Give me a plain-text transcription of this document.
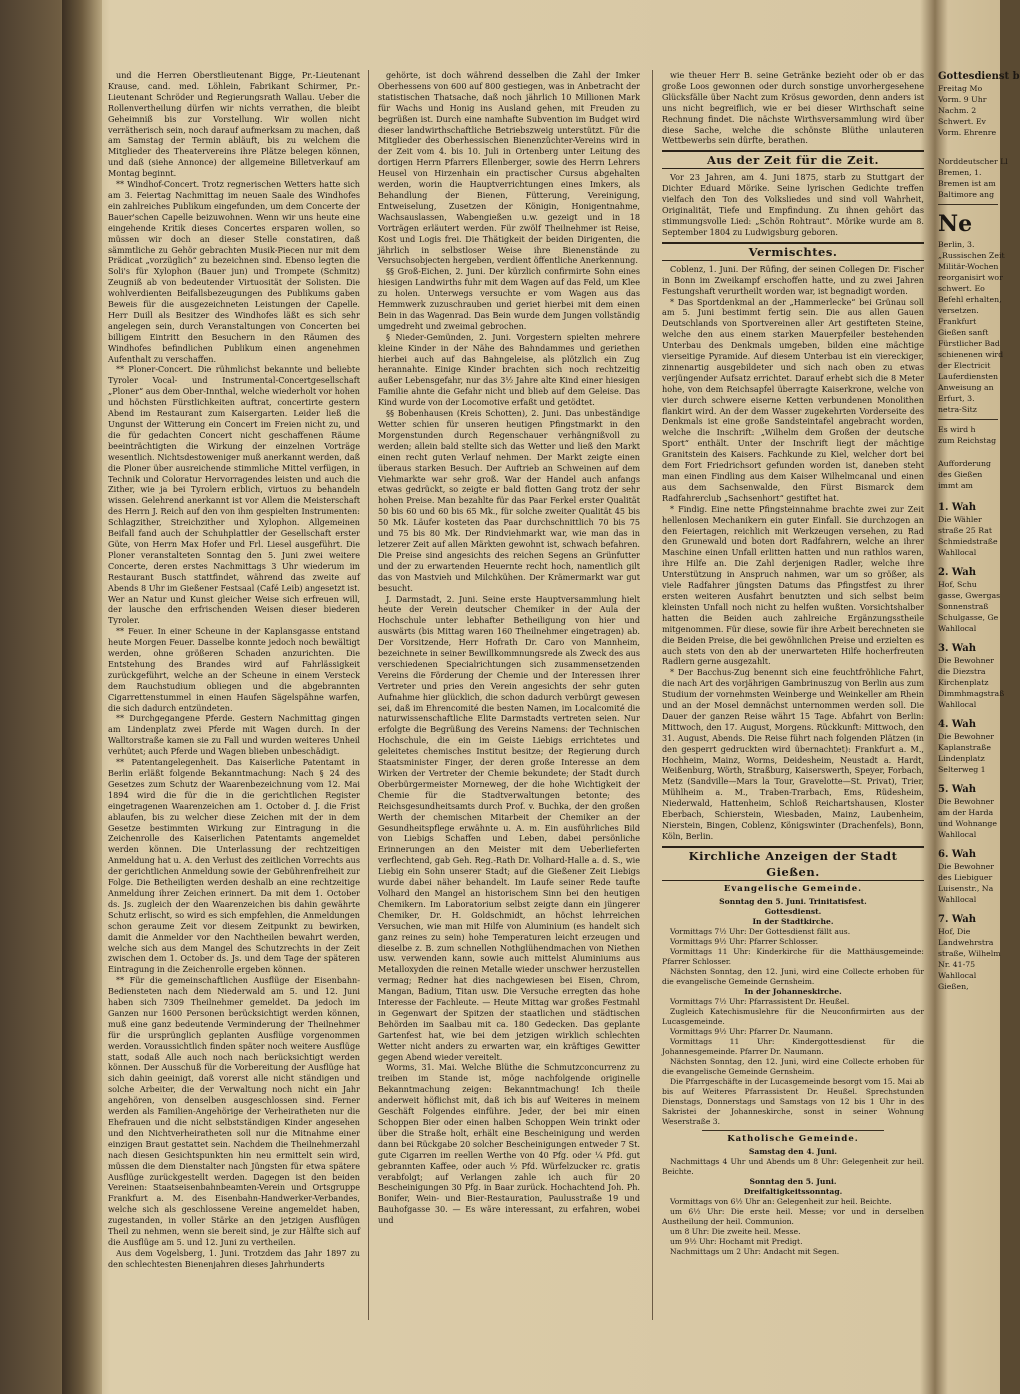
und die Herren Oberstlieutenant Bigge, Pr.-Lieutenant Krause, cand. med. Löhlein, Fabrikant Schirmer, Pr.-Lieutenant Schröder und Regierungsrath Wallau. Ueber die Rollenvertheilung dürfen wir nichts verrathen, die bleibt Geheimniß bis zur Vorstellung. Wir wollen nicht verrätherisch sein, noch darauf aufmerksam zu machen, daß am Samstag der Termin abläuft, bis zu welchem die Mitglieder des Theatervereins ihre Plätze belegen können, und daß (siehe Annonce) der allgemeine Billetverkauf am Montag beginnt.

** Windhof-Concert. Trotz regnerischen Wetters hatte sich am 3. Feiertag Nachmittag im neuen Saale des Windhofes ein zahlreiches Publikum eingefunden, um dem Concerte der Bauer'schen Capelle beizuwohnen. Wenn wir uns heute eine eingehende Kritik dieses Concertes ersparen wollen, so müssen wir doch an dieser Stelle constatiren, daß sämmtliche zu Gehör gebrachten Musik-Piecen nur mit dem Prädicat „vorzüglich“ zu bezeichnen sind. Ebenso legten die Soli's für Xylophon (Bauer jun) und Trompete (Schmitz) Zeugniß ab von bedeutender Virtuosität der Solisten. Die wohlverdienten Beifallsbezeugungen des Publikums gaben Beweis für die ausgezeichneten Leistungen der Capelle. Herr Duill als Besitzer des Windhofes läßt es sich sehr angelegen sein, durch Veranstaltungen von Concerten bei billigem Eintritt den Besuchern in den Räumen des Windhofes befindlichen Publikum einen angenehmen Aufenthalt zu verschaffen.

** Ploner-Concert. Die rühmlichst bekannte und beliebte Tyroler Vocal- und Instrumental-Concertgesellschaft „Ploner“ aus dem Ober-Innthal, welche wiederholt vor hohen und höchsten Fürstlichkeiten auftrat, concertirte gestern Abend im Restaurant zum Kaisergarten. Leider ließ die Ungunst der Witterung ein Concert im Freien nicht zu, und die für gedachten Concert nicht geschaffenen Räume beeinträchtigten die Wirkung der einzelnen Vorträge wesentlich. Nichtsdestoweniger muß anerkannt werden, daß die Ploner über ausreichende stimmliche Mittel verfügen, in Technik und Coloratur Hervorragendes leisten und auch die Zither, wie ja bei Tyrolern erblich, virtuos zu behandeln wissen. Gelehrend anerkannt ist vor Allem die Meisterschaft des Herrn J. Reich auf den von ihm gespielten Instrumenten: Schlagzither, Streichzither und Xylophon. Allgemeinen Beifall fand auch der Schuhplattler der Gesellschaft erster Güte, von Herrn Max Hofer und Frl. Liesel ausgeführt. Die Ploner veranstalteten Sonntag den 5. Juni zwei weitere Concerte, deren erstes Nachmittags 3 Uhr wiederum im Restaurant Busch stattfindet, während das zweite auf Abends 8 Uhr im Gießener Festsaal (Café Leib) angesetzt ist. Wer an Natur und Kunst gleicher Weise sich erfreuen will, der lausche den erfrischenden Weisen dieser biederen Tyroler.

** Feuer. In einer Scheune in der Kaplansgasse entstand heute Morgen Feuer. Dasselbe konnte jedoch noch bewältigt werden, ohne größeren Schaden anzurichten. Die Entstehung des Brandes wird auf Fahrlässigkeit zurückgeführt, welche an der Scheune in einem Versteck dem Rauchstudium obliegen und die abgebrannten Cigarrettenstummel in einen Haufen Sägelspähne warfen, die sich dadurch entzündeten.

** Durchgegangene Pferde. Gestern Nachmittag gingen am Lindenplatz zwei Pferde mit Wagen durch. In der Walltorstraße kamen sie zu Fall und wurden weiteres Unheil verhütet; auch Pferde und Wagen blieben unbeschädigt.

** Patentangelegenheit. Das Kaiserliche Patentamt in Berlin erläßt folgende Bekanntmachung: Nach § 24 des Gesetzes zum Schutz der Waarenbezeichnung vom 12. Mai 1894 wird die für die in die gerichtlichen Register eingetragenen Waarenzeichen am 1. October d. J. die Frist ablaufen, bis zu welcher diese Zeichen mit der in dem Gesetze bestimmten Wirkung zur Eintragung in die Zeichenrolle des Kaiserlichen Patentamts angemeldet werden können. Die Unterlassung der rechtzeitigen Anmeldung hat u. A. den Verlust des zeitlichen Vorrechts aus der gerichtlichen Anmeldung sowie der Gebührenfreiheit zur Folge. Die Betheiligten werden deshalb an eine rechtzeitige Anmeldung ihrer Zeichen erinnert. Da mit dem 1. October ds. Js. zugleich der den Waarenzeichen bis dahin gewährte Schutz erlischt, so wird es sich empfehlen, die Anmeldungen schon geraume Zeit vor diesem Zeitpunkt zu bewirken, damit die Anmelder vor den Nachtheilen bewahrt werden, welche sich aus dem Mangel des Schutzrechts in der Zeit zwischen dem 1. October ds. Js. und dem Tage der späteren Eintragung in die Zeichenrolle ergeben können.

** Für die gemeinschaftlichen Ausflüge der Eisenbahn-Bediensteten nach dem Niederwald am 5. und 12. Juni haben sich 7309 Theilnehmer gemeldet. Da jedoch im Ganzen nur 1600 Personen berücksichtigt werden können, muß eine ganz bedeutende Verminderung der Theilnehmer für die ursprünglich geplanten Ausflüge vorgenommen werden. Voraussichtlich finden später noch weitere Ausflüge statt, sodaß Alle auch noch nach berücksichtigt werden können. Der Ausschuß für die Vorbereitung der Ausflüge hat sich dahin geeinigt, daß vorerst alle nicht ständigen und solche Arbeiter, die der Verwaltung noch nicht ein Jahr angehören, von denselben ausgeschlossen sind. Ferner werden als Familien-Angehörige der Verheiratheten nur die Ehefrauen und die nicht selbstständigen Kinder angesehen und den Nichtverheiratheten soll nur die Mitnahme einer einzigen Braut gestattet sein. Nachdem die Theilnehmerzahl nach diesen Gesichtspunkten hin neu ermittelt sein wird, müssen die dem Dienstalter nach Jüngsten für etwa spätere Ausflüge zurückgestellt werden. Dagegen ist den beiden Vereinen: Staatseisenbahnbeamten-Verein und Ortsgruppe Frankfurt a. M. des Eisenbahn-Handwerker-Verbandes, welche sich als geschlossene Vereine angemeldet haben, zugestanden, in voller Stärke an den jetzigen Ausflügen Theil zu nehmen, wenn sie bereit sind, je zur Hälfte sich auf die Ausflüge am 5. und 12. Juni zu vertheilen.

Aus dem Vogelsberg, 1. Juni. Trotzdem das Jahr 1897 zu den schlechtesten Bienenjahren dieses Jahrhunderts

gehörte, ist doch während desselben die Zahl der Imker Oberhessens von 600 auf 800 gestiegen, was in Anbetracht der statistischen Thatsache, daß noch jährlich 10 Millionen Mark für Wachs und Honig ins Ausland gehen, mit Freuden zu begrüßen ist. Durch eine namhafte Subvention im Budget wird dieser landwirthschaftliche Betriebszweig unterstützt. Für die Mitglieder des Oberhessischen Bienenzüchter-Vereins wird in der Zeit vom 4. bis 10. Juli in Ortenberg unter Leitung des dortigen Herrn Pfarrers Ellenberger, sowie des Herrn Lehrers Heusel von Hirzenhain ein practischer Cursus abgehalten werden, worin die Hauptverrichtungen eines Imkers, als Behandlung der Bienen, Fütterung, Vereinigung, Entweiselung, Zusetzen der Königin, Honigentnahme, Wachsauslassen, Wabengießen u.w. gezeigt und in 18 Vorträgen erläutert werden. Für zwölf Theilnehmer ist Reise, Kost und Logis frei. Die Thätigkeit der beiden Dirigenten, die jährlich in selbstloser Weise ihre Bienenstände zu Versuchsobjecten hergeben, verdient öffentliche Anerkennung.

§§ Groß-Eichen, 2. Juni. Der kürzlich confirmirte Sohn eines hiesigen Landwirths fuhr mit dem Wagen auf das Feld, um Klee zu holen. Unterwegs versuchte er vom Wagen aus das Hemmwerk zuzuschrauben und geriet hierbei mit dem einen Bein in das Wagenrad. Das Bein wurde dem Jungen vollständig umgedreht und zweimal gebrochen.

§ Nieder-Gemünden, 2. Juni. Vorgestern spielten mehrere kleine Kinder in der Nähe des Bahndammes und geriethen hierbei auch auf das Bahngeleise, als plötzlich ein Zug herannahte. Einige Kinder brachten sich noch rechtzeitig außer Lebensgefahr, nur das 3½ Jahre alte Kind einer hiesigen Familie ahnte die Gefahr nicht und blieb auf dem Geleise. Das Kind wurde von der Locomotive erfaßt und getödtet.

§§ Bobenhausen (Kreis Schotten), 2. Juni. Das unbeständige Wetter schien für unseren heutigen Pfingstmarkt in den Morgenstunden durch Regenschauer verhängnißvoll zu werden; allein bald stellte sich das Wetter und ließ den Markt einen recht guten Verlauf nehmen. Der Markt zeigte einen überaus starken Besuch. Der Auftrieb an Schweinen auf dem Viehmarkte war sehr groß. War der Handel auch anfangs etwas gedrückt, so zeigte er bald flotten Gang trotz der sehr hohen Preise. Man bezahlte für das Paar Ferkel erster Qualität 50 bis 60 und 60 bis 65 Mk., für solche zweiter Qualität 45 bis 50 Mk. Läufer kosteten das Paar durchschnittlich 70 bis 75 und 75 bis 80 Mk. Der Rindviehmarkt war, wie man das in letzerer Zeit auf allen Märkten gewohnt ist, schwach befahren. Die Preise sind angesichts des reichen Segens an Grünfutter und der zu erwartenden Heuernte recht hoch, namentlich gilt das von Mastvieh und Milchkühen. Der Krämermarkt war gut besucht.

J. Darmstadt, 2. Juni. Seine erste Hauptversammlung hielt heute der Verein deutscher Chemiker in der Aula der Hochschule unter lebhafter Betheiligung von hier und auswärts (bis Mittag waren 160 Theilnehmer eingetragen) ab. Der Vorsitzende, Herr Hofrath Dr. Caro von Mannheim, bezeichnete in seiner Bewillkommnungsrede als Zweck des aus verschiedenen Specialrichtungen sich zusammensetzenden Vereins die Förderung der Chemie und der Interessen ihrer Vertreter und pries den Verein angesichts der sehr guten Aufnahme hier glücklich, die schon dadurch verbürgt gewesen sei, daß im Ehrencomité die besten Namen, im Localcomité die naturwissenschaftliche Elite Darmstadts vertreten seien. Nur erfolgte die Begrüßung des Vereins Namens: der Technischen Hochschule, die ein im Geiste Liebigs errichtetes und geleitetes chemisches Institut besitze; der Regierung durch Staatsminister Finger, der deren große Interesse an dem Wirken der Vertreter der Chemie bekundete; der Stadt durch Oberbürgermeister Morneweg, der die hohe Wichtigkeit der Chemie für die Stadtverwaltungen betonte; des Reichsgesundheitsamts durch Prof. v. Buchka, der den großen Werth der chemischen Mitarbeit der Chemiker an der Gesundheitspflege erwähnte u. A. m. Ein ausführliches Bild von Liebigs Schaffen und Leben, dabei persönliche Erinnerungen an den Meister mit dem Ueberlieferten verflechtend, gab Geh. Reg.-Rath Dr. Volhard-Halle a. d. S., wie Liebig ein Sohn unserer Stadt; auf die Gießener Zeit Liebigs wurde dabei näher behandelt. Im Laufe seiner Rede taufte Volhard den Mangel an historischem Sinn bei den heutigen Chemikern. Im Laboratorium selbst zeigte dann ein jüngerer Chemiker, Dr. H. Goldschmidt, an höchst lehrreichen Versuchen, wie man mit Hilfe von Aluminium (es handelt sich ganz reines zu sein) hohe Temperaturen leicht erzeugen und dieselbe z. B. zum schnellen Nothglühendmachen von Niethen usw. verwenden kann, sowie auch mittelst Aluminiums aus Metalloxyden die reinen Metalle wieder unschwer herzustellen vermag; Redner hat dies nachgewiesen bei Eisen, Chrom, Mangan, Badium, Titan usw. Die Versuche erregten das hohe Interesse der Fachleute. — Heute Mittag war großes Festmahl in Gegenwart der Spitzen der staatlichen und städtischen Behörden im Saalbau mit ca. 180 Gedecken. Das geplante Gartenfest hat, wie bei dem jetzigen wirklich schlechten Wetter nicht anders zu erwarten war, ein kräftiges Gewitter gegen Abend wieder vereitelt.

Worms, 31. Mai. Welche Blüthe die Schmutzconcurrenz zu treiben im Stande ist, möge nachfolgende originelle Bekanntmachung zeigen: Bekanntmachung! Ich theile anderweit höflichst mit, daß ich bis auf Weiteres in meinem Geschäft Folgendes einführe. Jeder, der bei mir einen Schoppen Bier oder einen halben Schoppen Wein trinkt oder über die Straße holt, erhält eine Bescheinigung und werden dann bei Rückgabe 20 solcher Bescheinigungen entweder 7 St. gute Cigarren im reellen Werthe von 40 Pfg. oder ¼ Pfd. gut gebrannten Kaffee, oder auch ½ Pfd. Würfelzucker rc. gratis verabfolgt; auf Verlangen zahle ich auch für 20 Bescheinigungen 30 Pfg. in Baar zurück. Hochachtend Joh. Ph. Bonifer, Wein- und Bier-Restauration, Paulusstraße 19 und Bauhofgasse 30. — Es wäre interessant, zu erfahren, wobei und

wie theuer Herr B. seine Getränke bezieht oder ob er das große Loos gewonnen oder durch sonstige unvorhergesehene Glücksfälle über Nacht zum Krösus geworden, denn anders ist uns nicht begreiflich, wie er bei dieser Wirthschaft seine Rechnung findet. Die nächste Wirthsversammlung wird über diese Sache, welche die schönste Blüthe unlauteren Wettbewerbs sein dürfte, berathen.

Aus der Zeit für die Zeit.

Vor 23 Jahren, am 4. Juni 1875, starb zu Stuttgart der Dichter Eduard Mörike. Seine lyrischen Gedichte treffen vielfach den Ton des Volksliedes und sind voll Wahrheit, Originalität, Tiefe und Empfindung. Zu ihnen gehört das stimmungsvolle Lied: „Schön Rohtraut“. Mörike wurde am 8. September 1804 zu Ludwigsburg geboren.

Vermischtes.

Coblenz, 1. Juni. Der Rüfing, der seinen Collegen Dr. Fischer in Bonn im Zweikampf erschoffen hatte, und zu zwei Jahren Festungshaft verurtheilt worden war, ist begnadigt worden.

* Das Sportdenkmal an der „Hammerlecke“ bei Grünau soll am 5. Juni bestimmt fertig sein. Die aus allen Gauen Deutschlands von Sportvereinen aller Art gestifteten Steine, welche den aus einem starken Mauerpfeiler bestehenden Unterbau des Denkmals umgeben, bilden eine mächtige vierseitige Pyramide. Auf diesem Unterbau ist ein viereckiger, zinnenartig ausgebildeter und sich nach oben zu etwas verjüngender Aufsatz errichtet. Darauf erhebt sich die 8 Meter hohe, von dem Reichsapfel überragte Kaiserkrone, welche von vier durch schwere eiserne Ketten verbundenen Monolithen flankirt wird. An der dem Wasser zugekehrten Vorderseite des Denkmals ist eine große Sandsteintafel angebracht worden, welche die Inschrift: „Wilhelm dem Großen der deutsche Sport“ enthält. Unter der Inschrift liegt der mächtige Granitstein des Kaisers. Fachkunde zu Kiel, welcher dort bei dem Fort Friedrichsort gefunden worden ist, daneben steht man einen Findling aus dem Kaiser Wilhelmcanal und einen aus dem Sachsenwalde, den Fürst Bismarck dem Radfahrerclub „Sachsenhort“ gestiftet hat.

* Findig. Eine nette Pfingsteinnahme brachte zwei zur Zeit hellenlosen Mechanikern ein guter Einfall. Sie durchzogen an den Feiertagen, reichlich mit Werkzeugen versehen, zu Rad den Grunewald und boten dort Radfahrern, welche an ihrer Maschine einen Unfall erlitten hatten und nun rathlos waren, ihre Hilfe an. Die Zahl derjenigen Radler, welche ihre Unterstützung in Anspruch nahmen, war um so größer, als viele Radfahrer jüngsten Datums das Pfingstfest zu ihrer ersten weiteren Ausfahrt benutzten und sich selbst beim kleinsten Unfall noch nicht zu helfen wußten. Vorsichtshalber hatten die Beiden auch zahlreiche Ergänzungsstheile mitgenommen. Für diese, sowie für ihre Arbeit berechneten sie die Beiden Preise, die bei gewöhnlichen Preise und erzielten es auch stets von den ab der unerwarteten Hilfe hocherfreuten Radlern gerne ausgezahlt.

* Der Bacchus-Zug benennt sich eine feuchtfröhliche Fahrt, die nach Art des vorjährigen Gambrinuszug von Berlin aus zum Studium der vornehmsten Weinberge und Weinkeller am Rhein und an der Mosel demnächst unternommen werden soll. Die Dauer der ganzen Reise währt 15 Tage. Abfahrt von Berlin: Mittwoch, den 17. August, Morgens. Rückkunft: Mittwoch, den 31. August, Abends. Die Reise führt nach folgenden Plätzen (in den gesperrt gedruckten wird übernachtet): Frankfurt a. M., Hochheim, Mainz, Worms, Deidesheim, Neustadt a. Hardt, Weißenburg, Wörth, Straßburg, Kaiserswerth, Speyer, Forbach, Metz (Sandville—Mars la Tour, Gravelotte—St. Privat), Trier, Mühlheim a. M., Traben-Trarbach, Ems, Rüdesheim, Niederwald, Hattenheim, Schloß Reichartshausen, Kloster Eberbach, Schierstein, Wiesbaden, Mainz, Laubenheim, Nierstein, Bingen, Coblenz, Königswinter (Drachenfels), Bonn, Köln, Berlin.

Kirchliche Anzeigen der Stadt Gießen.
Evangelische Gemeinde.

Sonntag den 5. Juni. Trinitatisfest.

Gottesdienst.

In der Stadtkirche.

Vormittags 7½ Uhr: Der Gottesdienst fällt aus.

Vormittags 9½ Uhr: Pfarrer Schlosser.

Vormittags 11 Uhr: Kinderkirche für die Matthäusgemeinde: Pfarrer Schlosser.

Nächsten Sonntag, den 12. Juni, wird eine Collecte erhoben für die evangelische Gemeinde Gernsheim.

In der Johanneskirche.

Vormittags 7½ Uhr: Pfarrassistent Dr. Heußel.

Zugleich Katechismuslehre für die Neuconfirmirten aus der Lucasgemeinde.

Vormittags 9½ Uhr: Pfarrer Dr. Naumann.

Vormittags 11 Uhr: Kindergottesdienst für die Johannesgemeinde. Pfarrer Dr. Naumann.

Nächsten Sonntag, den 12. Juni, wird eine Collecte erhoben für die evangelische Gemeinde Gernsheim.

Die Pfarrgeschäfte in der Lucasgemeinde besorgt vom 15. Mai ab bis auf Weiteres Pfarrassistent Dr. Heußel. Sprechstunden Dienstags, Donnerstags und Samstags von 12 bis 1 Uhr in des Sakristei der Johanneskirche, sonst in seiner Wohnung Weserstraße 3.

Katholische Gemeinde.

Samstag den 4. Juni.

Nachmittags 4 Uhr und Abends um 8 Uhr: Gelegenheit zur heil. Beichte.

Sonntag den 5. Juni.

Dreifaltigkeitssonntag.

Vormittags von 6½ Uhr an: Gelegenheit zur heil. Beichte.

um 6½ Uhr: Die erste heil. Messe; vor und in derselben Austheilung der heil. Communion.

um 8 Uhr: Die zweite heil. Messe.

um 9½ Uhr: Hochamt mit Predigt.

Nachmittags um 2 Uhr: Andacht mit Segen.

Gottesdienst b
Freitag Mo
Vorm. 9 Uhr
Nachm. 2
Schwert. Ev
Vorm. Ehrenre
Norddeutscher Ll
Bremen, 1.
Bremen ist am
Baltimore ang
Ne
Berlin, 3.
„Russischen Zeit
Militär-Wochen
reorganisirt wor
schwert. Eo
Befehl erhalten,
versetzen.
Frankfurt
Gießen sanft
Fürstlicher Bad
schienenen wird
der Electricit
Lauferdiensten
Anweisung an
Erfurt, 3.
netra-Sitz
Es wird h
zum Reichstag
Aufforderung
des Gießen
immt am
1. Wah
Die Wähler
straße 25 Rat
Schmiedstraße
Wahllocal
2. Wah
Hof, Schu
gasse, Gwergas
Sonnenstraß
Schulgasse, Ge
Wahllocal
3. Wah
Die Bewohner
die Diezstra
Kirchenplatz
Dimmhmagstraß
Wahllocal
4. Wah
Die Bewohner
Kaplanstraße
Lindenplatz
Selterweg 1
5. Wah
Die Bewohner
am der Harda
und Wohnange
Wahllocal
6. Wah
Die Bewohner
des Liebiguer
Luisenstr., Na
Wahllocal
7. Wah
Hof, Die
Landwehrstra
straße, Wilhelm
Nr. 41-75
Wahllocal
Gießen,
